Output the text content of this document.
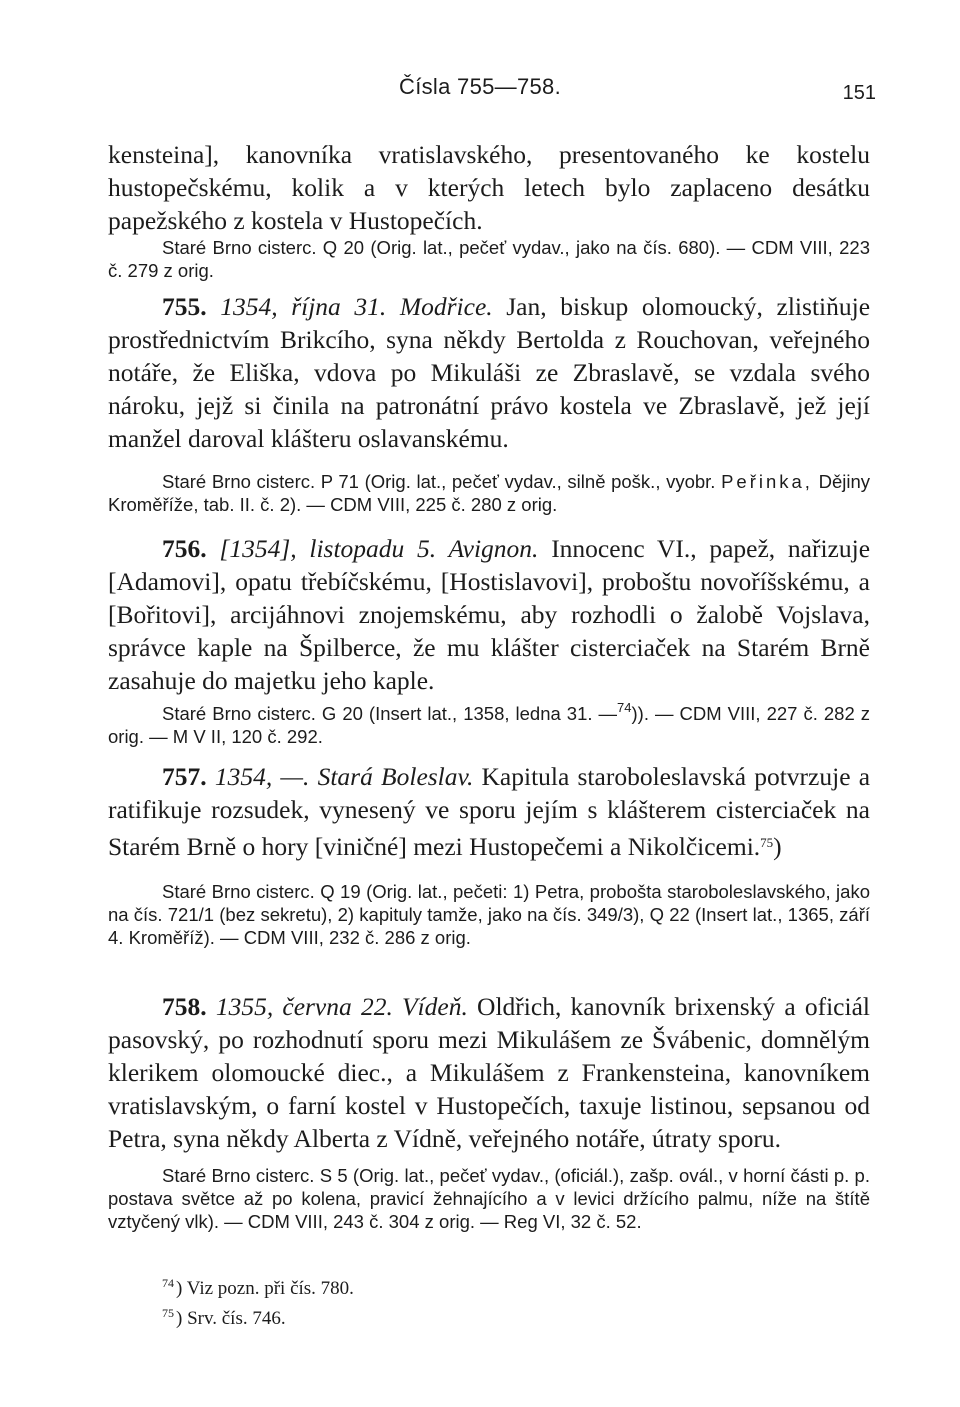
Čísla 755—758.	151
kensteina], kanovníka vratislavského, presentovaného ke kostelu hustopečskému, kolik a v kterých letech bylo zaplaceno desátku papežského z kostela v Hustopečích.
Staré Brno cisterc. Q 20 (Orig. lat., pečeť vydav., jako na čís. 680). — CDM VIII, 223 č. 279 z orig.
755. 1354, října 31. Modřice. Jan, biskup olomoucký, zlistiňuje prostřednictvím Brikcího, syna někdy Bertolda z Rouchovan, veřejného notáře, že Eliška, vdova po Mikuláši ze Zbraslavě, se vzdala svého nároku, jejž si činila na patronátní právo kostela ve Zbraslavě, jež její manžel daroval klášteru oslavanskému.
Staré Brno cisterc. P 71 (Orig. lat., pečeť vydav., silně pošk., vyobr. Peřinka, Dějiny Kroměříže, tab. II. č. 2). — CDM VIII, 225 č. 280 z orig.
756. [1354], listopadu 5. Avignon. Innocenc VI., papež, nařizuje [Adamovi], opatu třebíčskému, [Hostislavovi], proboštu novoříšskému, a [Bořitovi], arcijáhnovi znojemskému, aby rozhodli o žalobě Vojslava, správce kaple na Špilberce, že mu klášter cisterciaček na Starém Brně zasahuje do majetku jeho kaple.
Staré Brno cisterc. G 20 (Insert lat., 1358, ledna 31. —$^{74}$)). — CDM VIII, 227 č. 282 z orig. — M V II, 120 č. 292.
757. 1354, —. Stará Boleslav. Kapitula staroboleslavská potvrzuje a ratifikuje rozsudek, vynesený ve sporu jejím s klášterem cisterciaček na Starém Brně o hory [viničné] mezi Hustopečemi a Nikolčicemi.$^{75}$)
Staré Brno cisterc. Q 19 (Orig. lat., pečeti: 1) Petra, probošta staroboleslavského, jako na čís. 721/1 (bez sekretu), 2) kapituly tamže, jako na čís. 349/3), Q 22 (Insert lat., 1365, září 4. Kroměříž). — CDM VIII, 232 č. 286 z orig.
758. 1355, června 22. Vídeň. Oldřich, kanovník brixenský a oficiál pasovský, po rozhodnutí sporu mezi Mikulášem ze Švábenic, domnělým klerikem olomoucké diec., a Mikulášem z Frankensteina, kanovníkem vratislavským, o farní kostel v Hustopečích, taxuje listinou, sepsanou od Petra, syna někdy Alberta z Vídně, veřejného notáře, útraty sporu.
Staré Brno cisterc. S 5 (Orig. lat., pečeť vydav., (oficiál.), zašp. ovál., v horní části p. p. postava světce až po kolena, pravicí žehnajícího a v levici držícího palmu, níže na štítě vztyčený vlk). — CDM VIII, 243 č. 304 z orig. — Reg VI, 32 č. 52.
$^{74}$ ) Viz pozn. při čís. 780.
$^{75}$ ) Srv. čís. 746.
